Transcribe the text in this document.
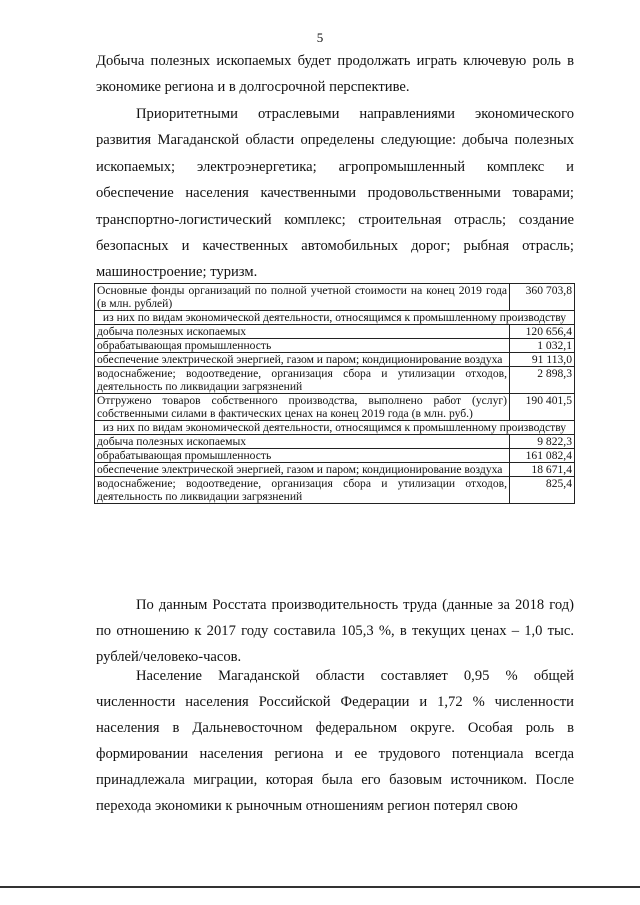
5
Добыча полезных ископаемых будет продолжать играть ключевую роль в экономике региона и в долгосрочной перспективе.
Приоритетными отраслевыми направлениями экономического развития Магаданской области определены следующие: добыча полезных ископаемых; электроэнергетика; агропромышленный комплекс и обеспечение населения качественными продовольственными товарами; транспортно-логистический комплекс; строительная отрасль; создание безопасных и качественных автомобильных дорог; рыбная отрасль; машиностроение; туризм.
Основные фонды организаций по полной учетной стоимости на конец 2019 года (в млн. рублей)	360 703,8
из них по видам экономической деятельности, относящимся к промышленному производству	
добыча полезных ископаемых	120 656,4
обрабатывающая промышленность	1 032,1
обеспечение электрической энергией, газом и паром; кондиционирование воздуха	91 113,0
водоснабжение; водоотведение, организация сбора и утилизации отходов, деятельность по ликвидации загрязнений	2 898,3
Отгружено товаров собственного производства, выполнено работ (услуг) собственными силами в фактических ценах на конец 2019 года (в млн. руб.)	190 401,5
из них по видам экономической деятельности, относящимся к промышленному производству	
добыча полезных ископаемых	9 822,3
обрабатывающая промышленность	161 082,4
обеспечение электрической энергией, газом и паром; кондиционирование воздуха	18 671,4
водоснабжение; водоотведение, организация сбора и утилизации отходов, деятельность по ликвидации загрязнений	825,4
По данным Росстата производительность труда (данные за 2018 год) по отношению к 2017 году составила 105,3 %, в текущих ценах – 1,0 тыс. рублей/человеко-часов.
Население Магаданской области составляет 0,95 % общей численности населения Российской Федерации и 1,72 % численности населения в Дальневосточном федеральном округе. Особая роль в формировании населения региона и ее трудового потенциала всегда принадлежала миграции, которая была его базовым источником. После перехода экономики к рыночным отношениям регион потерял свою
